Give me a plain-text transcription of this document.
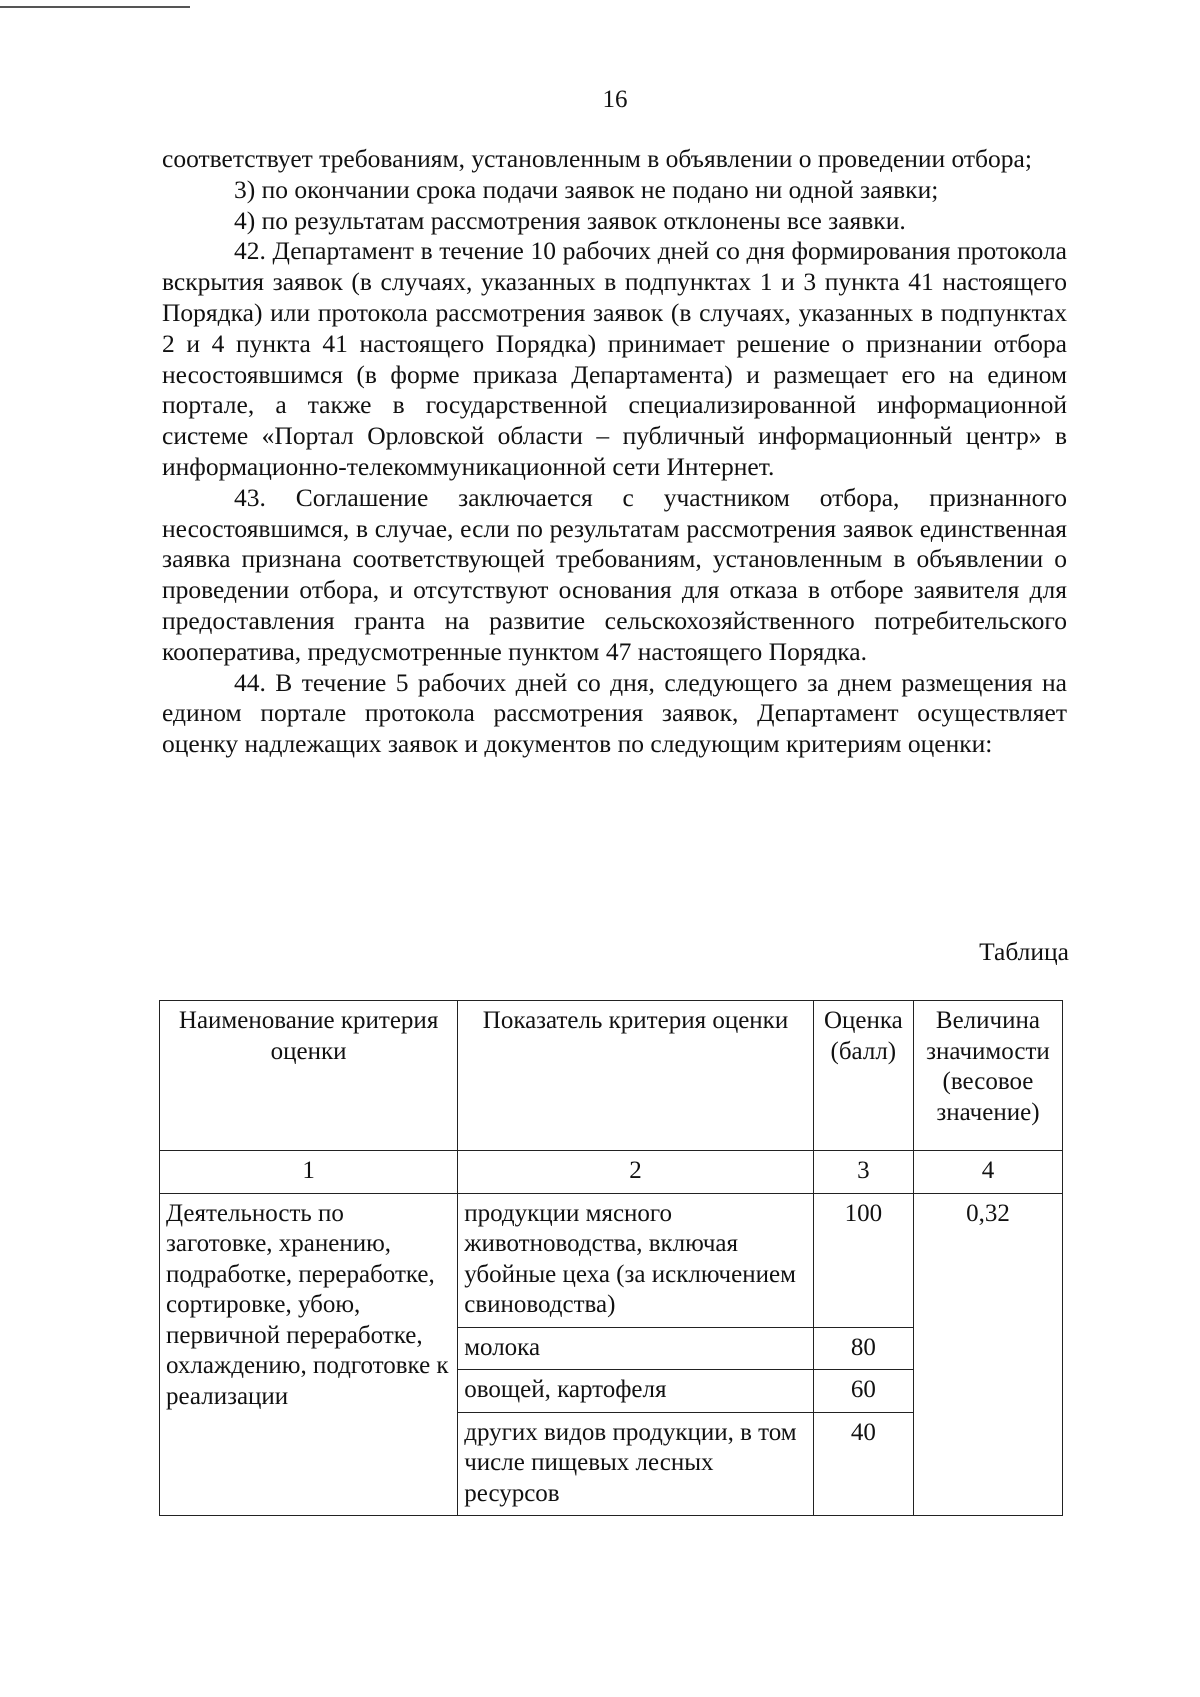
16

соответствует требованиям, установленным в объявлении о проведении отбора;

3) по окончании срока подачи заявок не подано ни одной заявки;

4) по результатам рассмотрения заявок отклонены все заявки.

42. Департамент в течение 10 рабочих дней со дня формирования протокола вскрытия заявок (в случаях, указанных в подпунктах 1 и 3 пункта 41 настоящего Порядка) или протокола рассмотрения заявок (в случаях, указанных в подпунктах 2 и 4 пункта 41 настоящего Порядка) принимает решение о признании отбора несостоявшимся (в форме приказа Департамента) и размещает его на едином портале, а также в государственной специализированной информационной системе «Портал Орловской области – публичный информационный центр» в информационно-телекоммуникационной сети Интернет.

43. Соглашение заключается с участником отбора, признанного несостоявшимся, в случае, если по результатам рассмотрения заявок единственная заявка признана соответствующей требованиям, установленным в объявлении о проведении отбора, и отсутствуют основания для отказа в отборе заявителя для предоставления гранта на развитие сельскохозяйственного потребительского кооператива, предусмотренные пунктом 47 настоящего Порядка.

44. В течение 5 рабочих дней со дня, следующего за днем размещения на едином портале протокола рассмотрения заявок, Департамент осуществляет оценку надлежащих заявок и документов по следующим критериям оценки:

Таблица
Наименование критерия оценки	Показатель критерия оценки	Оценка (балл)	Величина значимости (весовое значение)
1	2	3	4
Деятельность по заготовке, хранению, подработке, переработке, сортировке, убою, первичной переработке, охлаждению, подготовке к реализации	продукции мясного животноводства, включая убойные цеха (за исключением свиноводства)	100	0,32
	молока	80	
	овощей, картофеля	60	
	других видов продукции, в том числе пищевых лесных ресурсов	40	
